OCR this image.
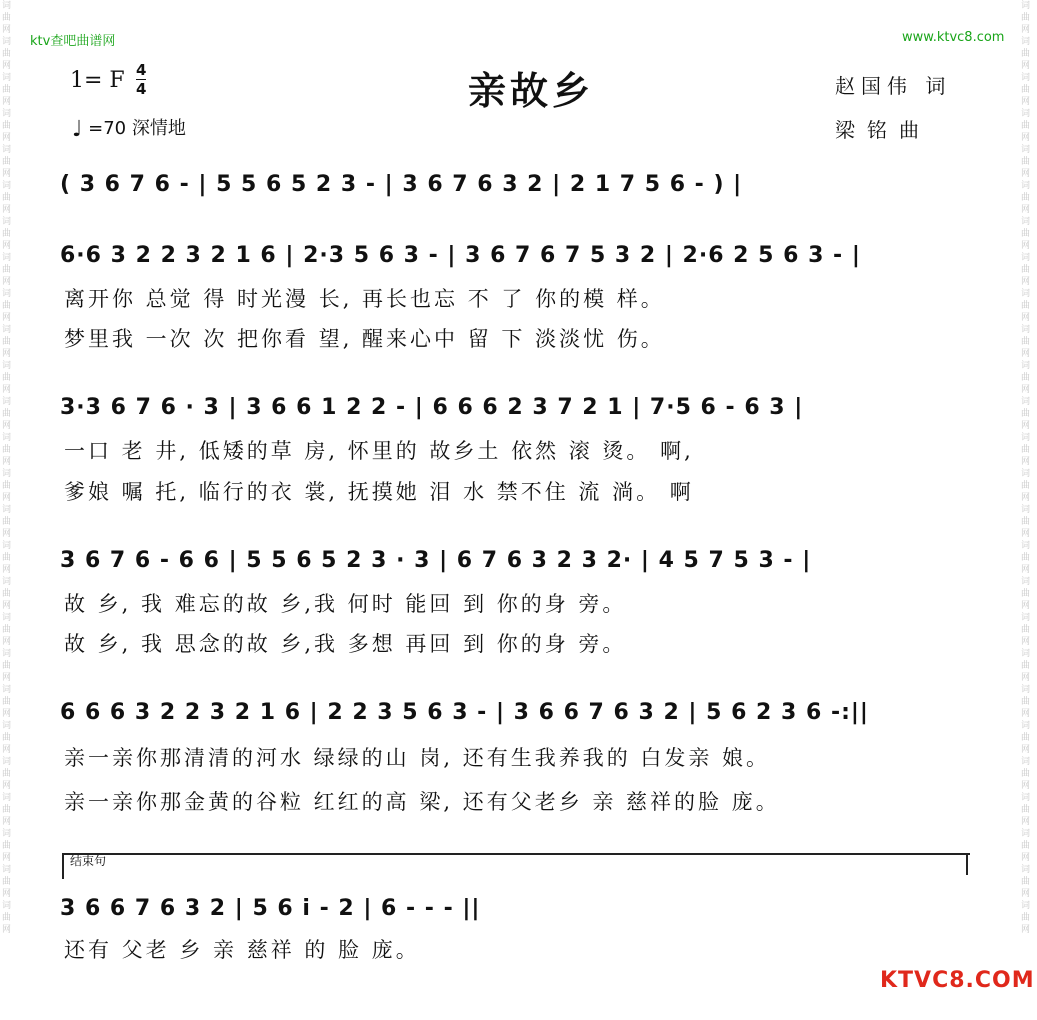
ktv查吧曲谱网	www.ktvc8.com
词曲网词曲网词曲网词曲网词曲网词曲网词曲网词曲网词曲网词曲网词曲网词曲网词曲网词曲网词曲网词曲网词曲网词曲网词曲网词曲网词曲网词曲网词曲网词曲网词曲网词曲网
词曲网词曲网词曲网词曲网词曲网词曲网词曲网词曲网词曲网词曲网词曲网词曲网词曲网词曲网词曲网词曲网词曲网词曲网词曲网词曲网词曲网词曲网词曲网词曲网词曲网词曲网
1= F 4
4	亲故乡	赵国伟 词
梁铭曲
♩ =70 深情地
( 3 6 7 6 - | 5 5 6 5 2 3 - | 3 6 7 6 3 2 | 2 1 7 5 6 - ) |
6·6 3 2 2 3 2 1 6 | 2·3 5 6 3 - | 3 6 7 6 7 5 3 2 | 2·6 2 5 6 3 - |
离开你 总觉 得 时光漫 长, 再长也忘 不 了 你的模 样。
梦里我 一次 次 把你看 望, 醒来心中 留 下 淡淡忧 伤。
3·3 6 7 6 · 3 | 3 6 6 1 2 2 - | 6 6 6 2 3 7 2 1 | 7·5 6 - 6 3 |
一口 老 井, 低矮的草 房, 怀里的 故乡土 依然 滚 烫。 啊,
爹娘 嘱 托, 临行的衣 裳, 抚摸她 泪 水 禁不住 流 淌。 啊
3 6 7 6 - 6 6 | 5 5 6 5 2 3 · 3 | 6 7 6 3 2 3 2· | 4 5 7 5 3 - |
故 乡, 我 难忘的故 乡,我 何时 能回 到 你的身 旁。
故 乡, 我 思念的故 乡,我 多想 再回 到 你的身 旁。
6 6 6 3 2 2 3 2 1 6 | 2 2 3 5 6 3 - | 3 6 6 7 6 3 2 | 5 6 2 3 6 -:||
亲一亲你那清清的河水 绿绿的山 岗, 还有生我养我的 白发亲 娘。
亲一亲你那金黄的谷粒 红红的高 梁, 还有父老乡 亲 慈祥的脸 庞。
结束句
3 6 6 7 6 3 2 | 5 6 i - 2 | 6 - - - ||
还有 父老 乡 亲 慈祥 的 脸 庞。
KTVC8.COM
